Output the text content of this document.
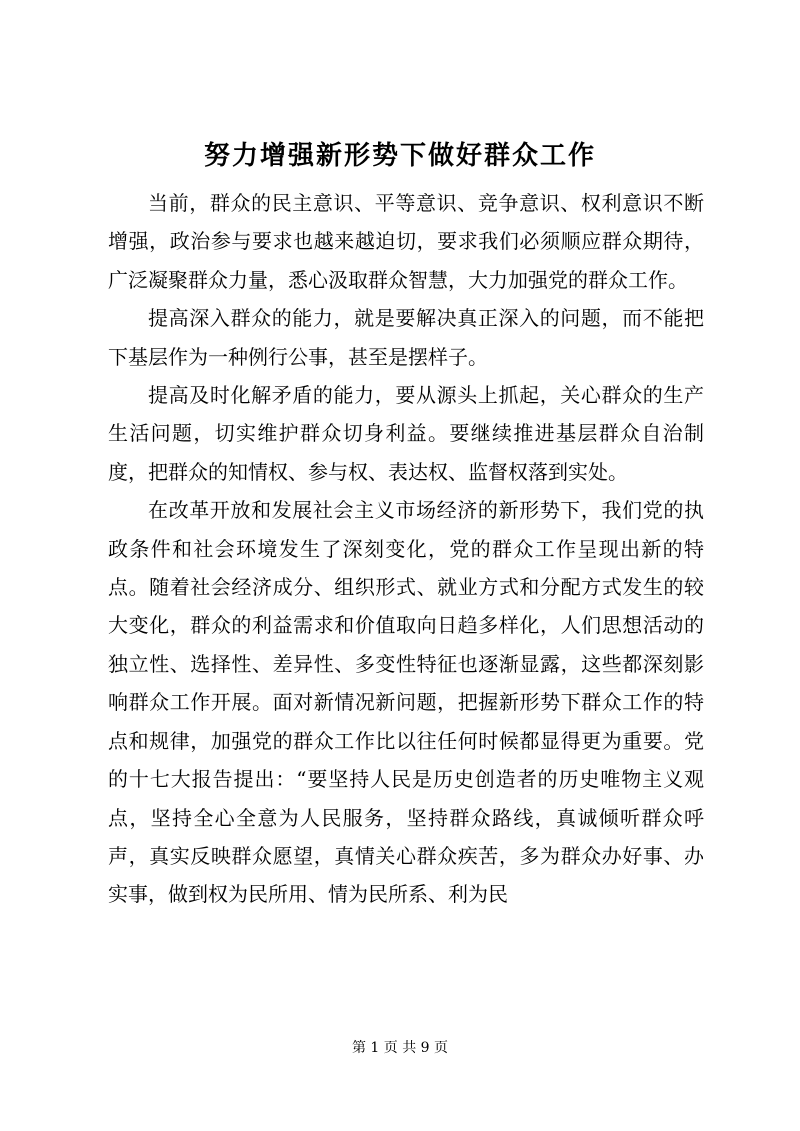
努力增强新形势下做好群众工作

当前，群众的民主意识、平等意识、竞争意识、权利意识不断增强，政治参与要求也越来越迫切，要求我们必须顺应群众期待，广泛凝聚群众力量，悉心汲取群众智慧，大力加强党的群众工作。

提高深入群众的能力，就是要解决真正深入的问题，而不能把下基层作为一种例行公事，甚至是摆样子。

提高及时化解矛盾的能力，要从源头上抓起，关心群众的生产生活问题，切实维护群众切身利益。要继续推进基层群众自治制度，把群众的知情权、参与权、表达权、监督权落到实处。

在改革开放和发展社会主义市场经济的新形势下，我们党的执政条件和社会环境发生了深刻变化，党的群众工作呈现出新的特点。随着社会经济成分、组织形式、就业方式和分配方式发生的较大变化，群众的利益需求和价值取向日趋多样化，人们思想活动的独立性、选择性、差异性、多变性特征也逐渐显露，这些都深刻影响群众工作开展。面对新情况新问题，把握新形势下群众工作的特点和规律，加强党的群众工作比以往任何时候都显得更为重要。党的十七大报告提出：“要坚持人民是历史创造者的历史唯物主义观点，坚持全心全意为人民服务，坚持群众路线，真诚倾听群众呼声，真实反映群众愿望，真情关心群众疾苦，多为群众办好事、办实事，做到权为民所用、情为民所系、利为民

第 1 页 共 9 页
